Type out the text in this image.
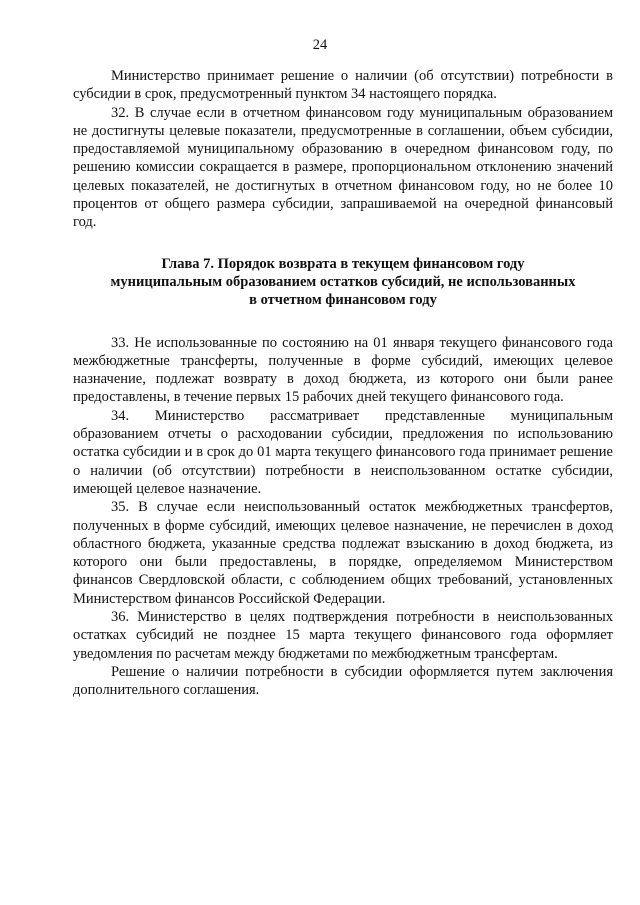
24

Министерство принимает решение о наличии (об отсутствии) потребности в субсидии в срок, предусмотренный пунктом 34 настоящего порядка.

32. В случае если в отчетном финансовом году муниципальным образованием не достигнуты целевые показатели, предусмотренные в соглашении, объем субсидии, предоставляемой муниципальному образованию в очередном финансовом году, по решению комиссии сокращается в размере, пропорциональном отклонению значений целевых показателей, не достигнутых в отчетном финансовом году, но не более 10 процентов от общего размера субсидии, запрашиваемой на очередной финансовый год.

Глава 7. Порядок возврата в текущем финансовом году
муниципальным образованием остатков субсидий, не использованных
в отчетном финансовом году

33. Не использованные по состоянию на 01 января текущего финансового года межбюджетные трансферты, полученные в форме субсидий, имеющих целевое назначение, подлежат возврату в доход бюджета, из которого они были ранее предоставлены, в течение первых 15 рабочих дней текущего финансового года.

34. Министерство рассматривает представленные муниципальным образованием отчеты о расходовании субсидии, предложения по использованию остатка субсидии и в срок до 01 марта текущего финансового года принимает решение о наличии (об отсутствии) потребности в неиспользованном остатке субсидии, имеющей целевое назначение.

35. В случае если неиспользованный остаток межбюджетных трансфертов, полученных в форме субсидий, имеющих целевое назначение, не перечислен в доход областного бюджета, указанные средства подлежат взысканию в доход бюджета, из которого они были предоставлены, в порядке, определяемом Министерством финансов Свердловской области, с соблюдением общих требований, установленных Министерством финансов Российской Федерации.

36. Министерство в целях подтверждения потребности в неиспользованных остатках субсидий не позднее 15 марта текущего финансового года оформляет уведомления по расчетам между бюджетами по межбюджетным трансфертам.

Решение о наличии потребности в субсидии оформляется путем заключения дополнительного соглашения.
